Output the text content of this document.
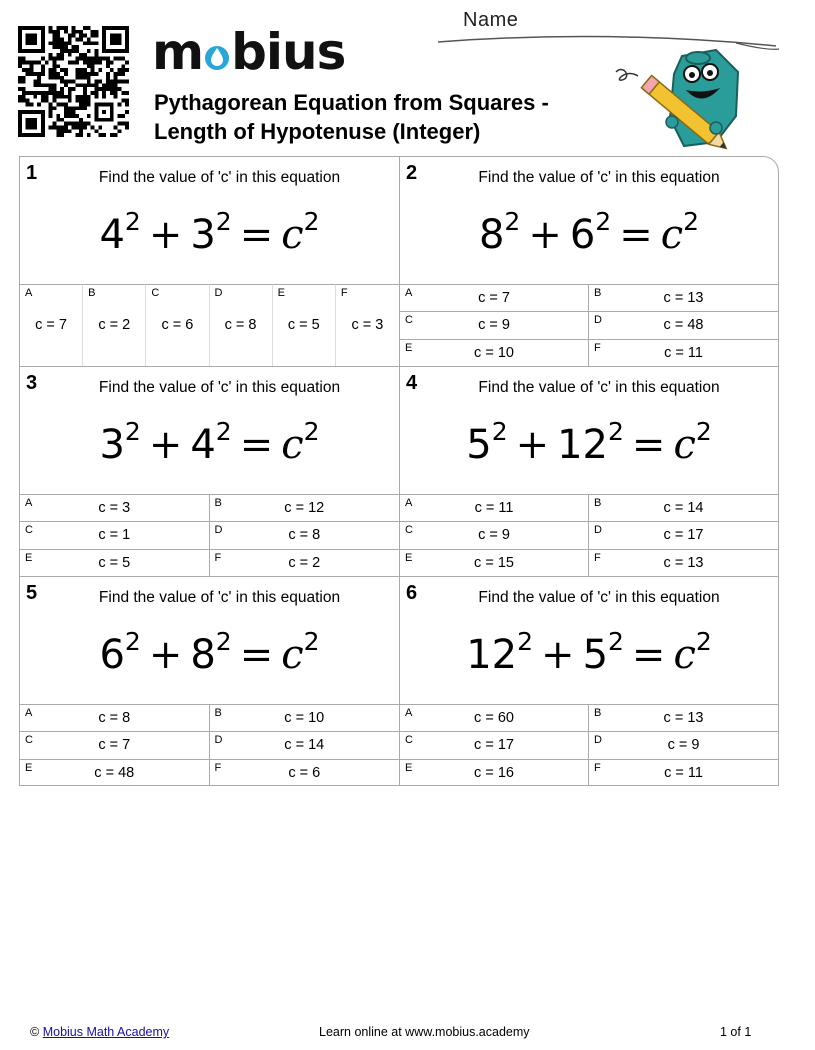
m bius
Pythagorean Equation from Squares -
Length of Hypotenuse (Integer)
Name
1	Find the value of 'c' in this equation
$4^2 + 3^2 = c^2$
A
c = 7
B
c = 2
C
c = 6
D
c = 8
E
c = 5
F
c = 3
2	Find the value of 'c' in this equation
$8^2 + 6^2 = c^2$
A	c = 7	B	c = 13
C	c = 9	D	c = 48
E	c = 10	F	c = 11
3	Find the value of 'c' in this equation
$3^2 + 4^2 = c^2$
A	c = 3	B	c = 12
C	c = 1	D	c = 8
E	c = 5	F	c = 2
4	Find the value of 'c' in this equation
$5^2 + 12^2 = c^2$
A	c = 11	B	c = 14
C	c = 9	D	c = 17
E	c = 15	F	c = 13
5	Find the value of 'c' in this equation
$6^2 + 8^2 = c^2$
A	c = 8	B	c = 10
C	c = 7	D	c = 14
E	c = 48	F	c = 6
6	Find the value of 'c' in this equation
$12^2 + 5^2 = c^2$
A	c = 60	B	c = 13
C	c = 17	D	c = 9
E	c = 16	F	c = 11
© Mobius Math Academy	Learn online at www.mobius.academy	1 of 1
